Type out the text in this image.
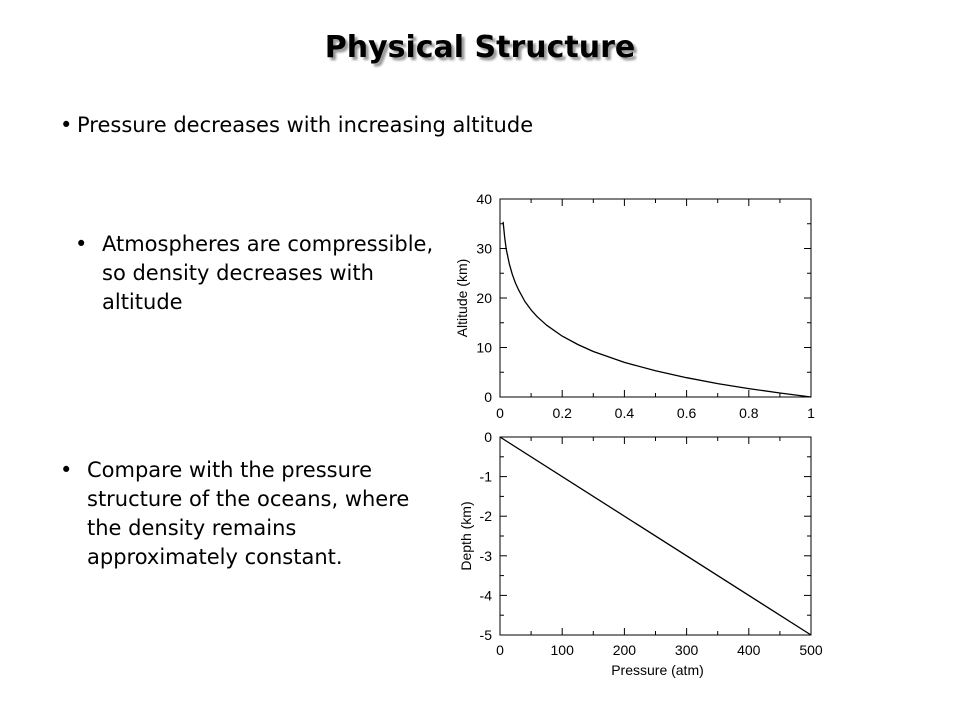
Physical Structure
• Pressure decreases with increasing altitude
• Atmospheres are compressible, so density decreases with altitude
• Compare with the pressure structure of the oceans, where the density remains approximately constant.
0	0.2	0.4	0.6	0.8	1
0
10
20
30
40
Altitude (km)
0	100	200	300	400	500
0
-1
-2
-3
-4
-5
Depth (km)
Pressure (atm)
